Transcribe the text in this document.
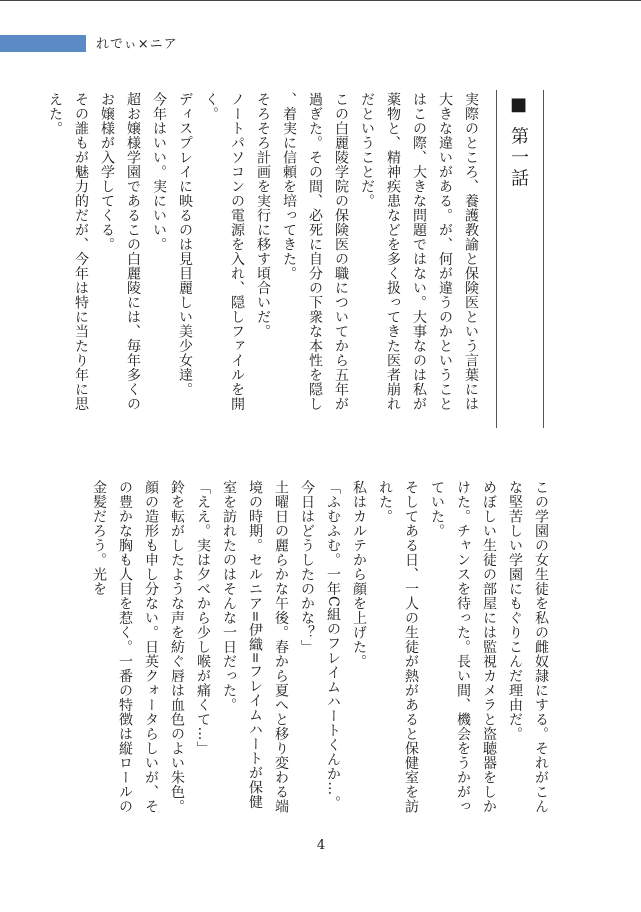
れでぃ×ニア
■ 第一話

実際のところ、養護教諭と保険医という言葉には
大きな違いがある。が、何が違うのかということ
はこの際、大きな問題ではない。大事なのは私が
薬物と、精神疾患などを多く扱ってきた医者崩れ
だということだ。

この白麗陵学院の保険医の職についてから五年が
過ぎた。その間、必死に自分の下衆な本性を隠し
、着実に信頼を培ってきた。

そろそろ計画を実行に移す頃合いだ。

ノートパソコンの電源を入れ、隠しファイルを開
く。

ディスプレイに映るのは見目麗しい美少女達。

今年はいい。実にいい。

超お嬢様学園であるこの白麗陵には、毎年多くの
お嬢様が入学してくる。

その誰もが魅力的だが、今年は特に当たり年に思
えた。

この学園の女生徒を私の雌奴隷にする。それがこん
な堅苦しい学園にもぐりこんだ理由だ。

めぼしい生徒の部屋には監視カメラと盗聴器をしか
けた。チャンスを待った。長い間、機会をうかがっ
ていた。

そしてある日、一人の生徒が熱があると保健室を訪
れた。

私はカルテから顔を上げた。

「ふむふむ。一年C組のフレイムハートくんか…。
今日はどうしたのかな？」

土曜日の麗らかな午後。春から夏へと移り変わる端
境の時期。セルニア=伊織=フレイムハートが保健
室を訪れたのはそんな一日だった。

「ええ。実は夕べから少し喉が痛くて…」

鈴を転がしたような声を紡ぐ唇は血色のよい朱色。
顔の造形も申し分ない。日英クォータらしいが、そ
の豊かな胸も人目を惹く。一番の特徴は縦ロールの
金髪だろう。光を

4
